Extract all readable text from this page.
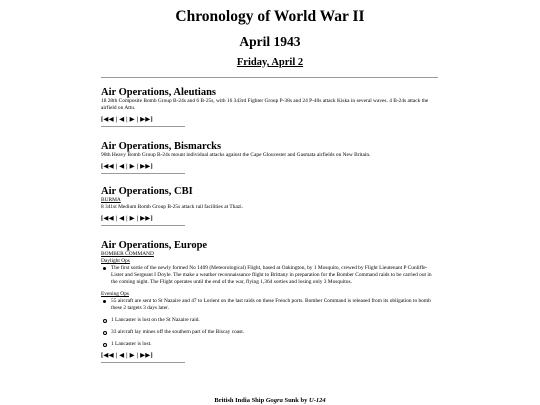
Chronology of World War II
April 1943
Friday, April 2

Air Operations, Aleutians

18 28th Composite Bomb Group B-24s and 6 B-25s, with 16 343rd Fighter Group P-38s and 24 P-40s attack Kiska in several waves. 4 B-24s attack the airfield on Attu.

[◀◀ | ◀ | ▶ | ▶▶]

Air Operations, Bismarcks

90th Heavy Bomb Group B-24s mount individual attacks against the Cape Gloucester and Gasmata airfields on New Britain.

[◀◀ | ◀ | ▶ | ▶▶]

Air Operations, CBI

BURMA

8 341st Medium Bomb Group B-25s attack rail facilities at Thazi.

[◀◀ | ◀ | ▶ | ▶▶]

Air Operations, Europe

BOMBER COMMAND
Daylight Ops
The first sortie of the newly formed No 1409 (Meteorological) Flight, based at Oakington, by 1 Mosquito, crewed by Flight Lieutenant P Cunliffe-Lister and Sergeant I Doyle. The make a weather reconnaissance flight to Brittany in preparation for the Bomber Command raids to be carried out in the coming night. The Flight operates until the end of the war, flying 1,364 sorties and losing only 3 Mosquitos.
Evening Ops
55 aircraft are sent to St Nazaire and 47 to Lorient on the last raids on these French ports. Bomber Command is released from its obligation to bomb these 2 targets 3 days later.
1 Lancaster is lost on the St Nazaire raid.
33 aircraft lay mines off the southern part of the Biscay coast.
1 Lancaster is lost.
[◀◀ | ◀ | ▶ | ▶▶]
British India Ship Gogra Sunk by U-124
